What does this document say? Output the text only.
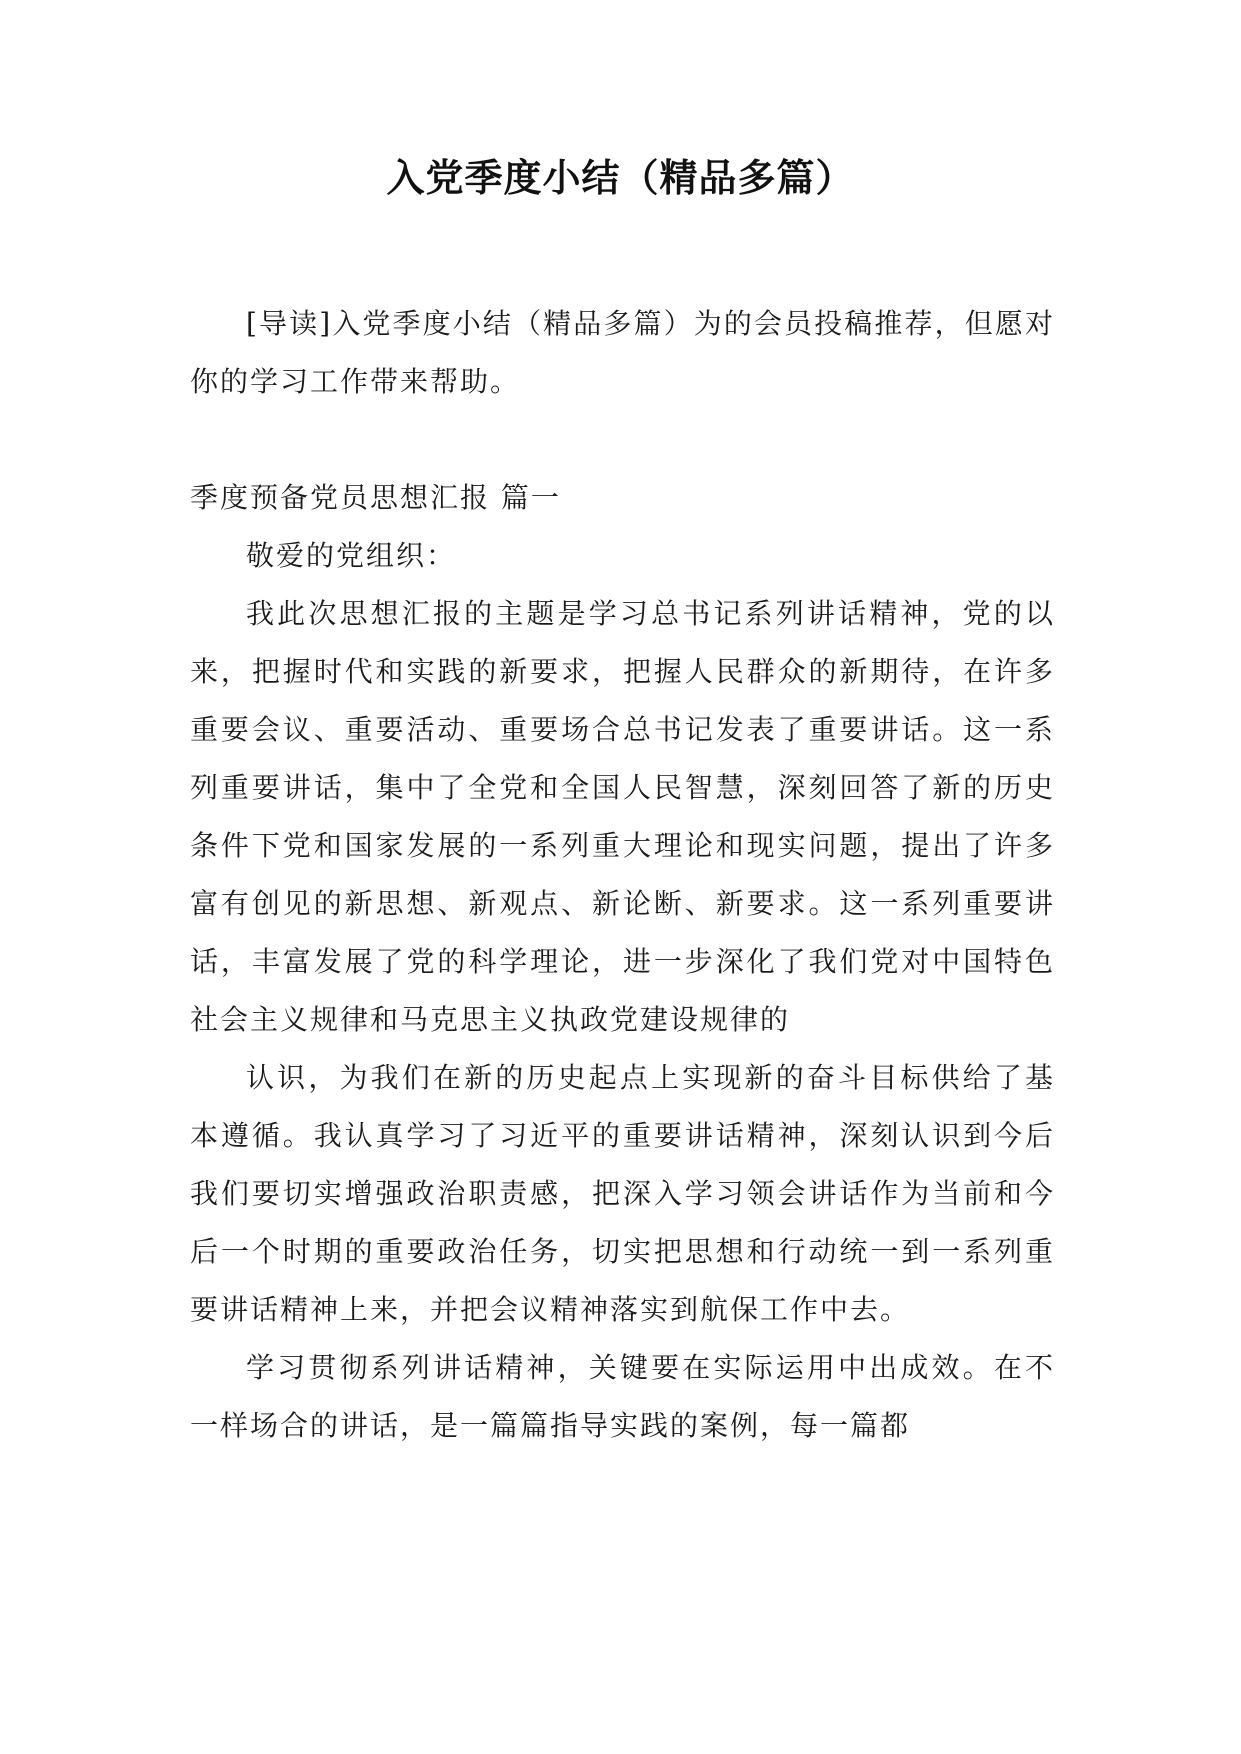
入党季度小结（精品多篇）

[导读]入党季度小结（精品多篇）为的会员投稿推荐，但愿对你的学习工作带来帮助。

季度预备党员思想汇报 篇一

敬爱的党组织：

我此次思想汇报的主题是学习总书记系列讲话精神，党的以来，把握时代和实践的新要求，把握人民群众的新期待，在许多重要会议、重要活动、重要场合总书记发表了重要讲话。这一系列重要讲话，集中了全党和全国人民智慧，深刻回答了新的历史条件下党和国家发展的一系列重大理论和现实问题，提出了许多富有创见的新思想、新观点、新论断、新要求。这一系列重要讲话，丰富发展了党的科学理论，进一步深化了我们党对中国特色社会主义规律和马克思主义执政党建设规律的

认识，为我们在新的历史起点上实现新的奋斗目标供给了基本遵循。我认真学习了习近平的重要讲话精神，深刻认识到今后我们要切实增强政治职责感，把深入学习领会讲话作为当前和今后一个时期的重要政治任务，切实把思想和行动统一到一系列重要讲话精神上来，并把会议精神落实到航保工作中去。

学习贯彻系列讲话精神，关键要在实际运用中出成效。在不一样场合的讲话，是一篇篇指导实践的案例，每一篇都
